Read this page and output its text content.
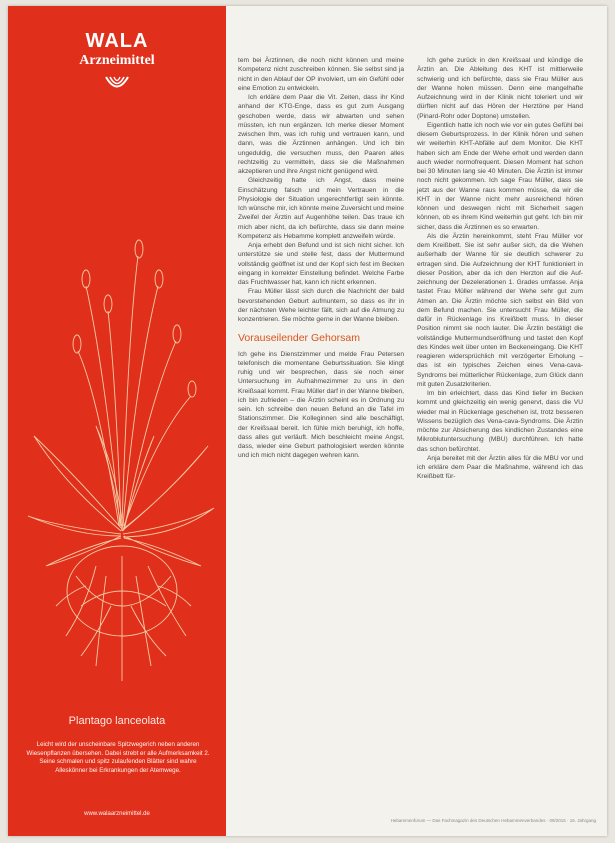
WALA
Arzneimittel
Plantago lanceolata
Leicht wird der unscheinbare Spitzwegerich neben anderen Wiesenpflanzen übersehen. Dabei strebt er alle Aufmerksamkeit 2. Seine schmalen und spitz zulaufenden Blätter sind wahre Alleskönner bei Erkrankungen der Atemwege.
www.walaarzneimittel.de

tem bei Ärztinnen, die noch nicht können und meine Kompetenz nicht zuschreiben können. Sie selbst sind ja nicht in den Ablauf der OP involviert, um ein Gefühl oder eine Emotion zu entwickeln.

Ich erkläre dem Paar die Vit. Zeiten, dass ihr Kind anhand der KTG-Enge, dass es gut zum Ausgang geschoben werde, dass wir abwarten und sehen müssten, ich nun ergänzen. Ich merke dieser Moment zwischen Ihm, was ich ruhig und vertrauen kann, und dann, was die Ärztinnen anhängen. Und ich bin ungeduldig, die versuchen muss, den Paaren alles rechtzeitig zu vermitteln, dass sie die Maßnahmen akzeptieren und ihre Angst nicht genügend wird.

Gleichzeitig hatte ich Angst, dass meine Einschätzung falsch und mein Vertrauen in die Physiologie der Situation ungerechtfertigt sein könnte. Ich wünsche mir, ich könnte meine Zuversicht und meine Zweifel der Ärztin auf Augenhöhe teilen. Das traue ich mich aber nicht, da ich befürchte, dass sie dann meine Kompetenz als Hebamme komplett anzweifeln würde.

Anja erhebt den Befund und ist sich nicht sicher. Ich unterstütze sie und stelle fest, dass der Muttermund vollständig geöffnet ist und der Kopf sich fest im Becken eingang in korrekter Einstellung befindet. Welche Farbe das Fruchtwasser hat, kann ich nicht erkennen.

Frau Müller lässt sich durch die Nachricht der bald bevorstehenden Geburt aufmuntern, so dass es ihr in der nächsten Wehe leichter fällt, sich auf die Atmung zu konzentrieren. Sie möchte gerne in der Wanne bleiben.

Vorauseilender Gehorsam

Ich gehe ins Dienstzimmer und melde Frau Petersen telefonisch die momentane Geburtssituation. Sie klingt ruhig und wir besprechen, dass sie noch einer Untersuchung im Aufnahmezimmer zu uns in den Kreißsaal kommt. Frau Müller darf in der Wanne bleiben, ich bin zufrieden – die Ärztin scheint es in Ordnung zu sein. Ich schreibe den neuen Befund an die Tafel im Stationszimmer. Die Kolleginnen sind alle beschäftigt, der Kreißsaal bereit. Ich fühle mich beruhigt, ich hoffe, dass alles gut verläuft. Mich beschleicht meine Angst, dass, wieder eine Geburt pathologisiert werden könnte und ich mich nicht dagegen wehren kann.

Ich gehe zurück in den Kreißsaal und kündige die Ärztin an. Die Ableitung des KHT ist mittlerweile schwierig und ich befürchte, dass sie Frau Müller aus der Wanne holen müssen. Denn eine mangelhafte Aufzeichnung wird in der Klinik nicht toleriert und wir dürften nicht auf das Hören der Herztöne per Hand (Pinard-Rohr oder Doptone) umstellen.

Eigentlich hatte ich noch wie vor ein gutes Gefühl bei diesem Geburtsprozess. In der Klinik hören und sehen wir weiterhin KHT-Abfälle auf dem Monitor. Die KHT haben sich am Ende der Wehe erholt und werden dann auch wieder normofrequent. Diesen Moment hat schon bei 30 Minuten lang sie 40 Minuten. Die Ärztin ist immer noch nicht gekommen. Ich sage Frau Müller, dass sie jetzt aus der Wanne raus kommen müsse, da wir die KHT in der Wanne nicht mehr ausreichend hören können und deswegen nicht mit Sicherheit sagen können, ob es ihrem Kind weiterhin gut geht. Ich bin mir sicher, dass die Ärztinnen es so erwarten.

Als die Ärztin hereinkommt, steht Frau Müller vor dem Kreißbett. Sie ist sehr außer sich, da die Wehen außerhalb der Wanne für sie deutlich schwerer zu ertragen sind. Die Aufzeichnung der KHT funktioniert in dieser Position, aber da ich den Herzton auf die Aufzeichnung der Dezelerationen 1. Grades umfasse. Anja tastet Frau Müller während der Wehe sehr gut zum Atmen an. Die Ärztin möchte sich selbst ein Bild von dem Befund machen. Sie untersucht Frau Müller, die dafür in Rückenlage ins Kreißbett muss. In dieser Position nimmt sie noch lauter. Die Ärztin bestätigt die vollständige Muttermundseröffnung und tastet den Kopf des Kindes weit über unten im Beckeneingang. Die KHT reagieren widersprüchlich mit verzögerter Erholung – das ist ein typisches Zeichen eines Vena-cava-Syndroms bei mütterlicher Rückenlage, zum Glück dann mit guten Zusatzkriterien.

Im bin erleichtert, dass das Kind tiefer im Becken kommt und gleichzeitig ein wenig genervt, dass die VU wieder mal in Rückenlage geschehen ist, trotz besseren Wissens bezüglich des Vena-cava-Syndroms. Die Ärztin möchte zur Absicherung des kindlichen Zustandes eine Mikroblutuntersuchung (MBU) durchführen. Ich hatte das schon befürchtet.

Anja bereitet mit der Ärztin alles für die MBU vor und ich erkläre dem Paar die Maßnahme, während ich das Kreißbett für-

Hebammenforum — Das Fachmagazin des Deutschen Hebammenverbandes · 09/2015 · 16. Jahrgang
